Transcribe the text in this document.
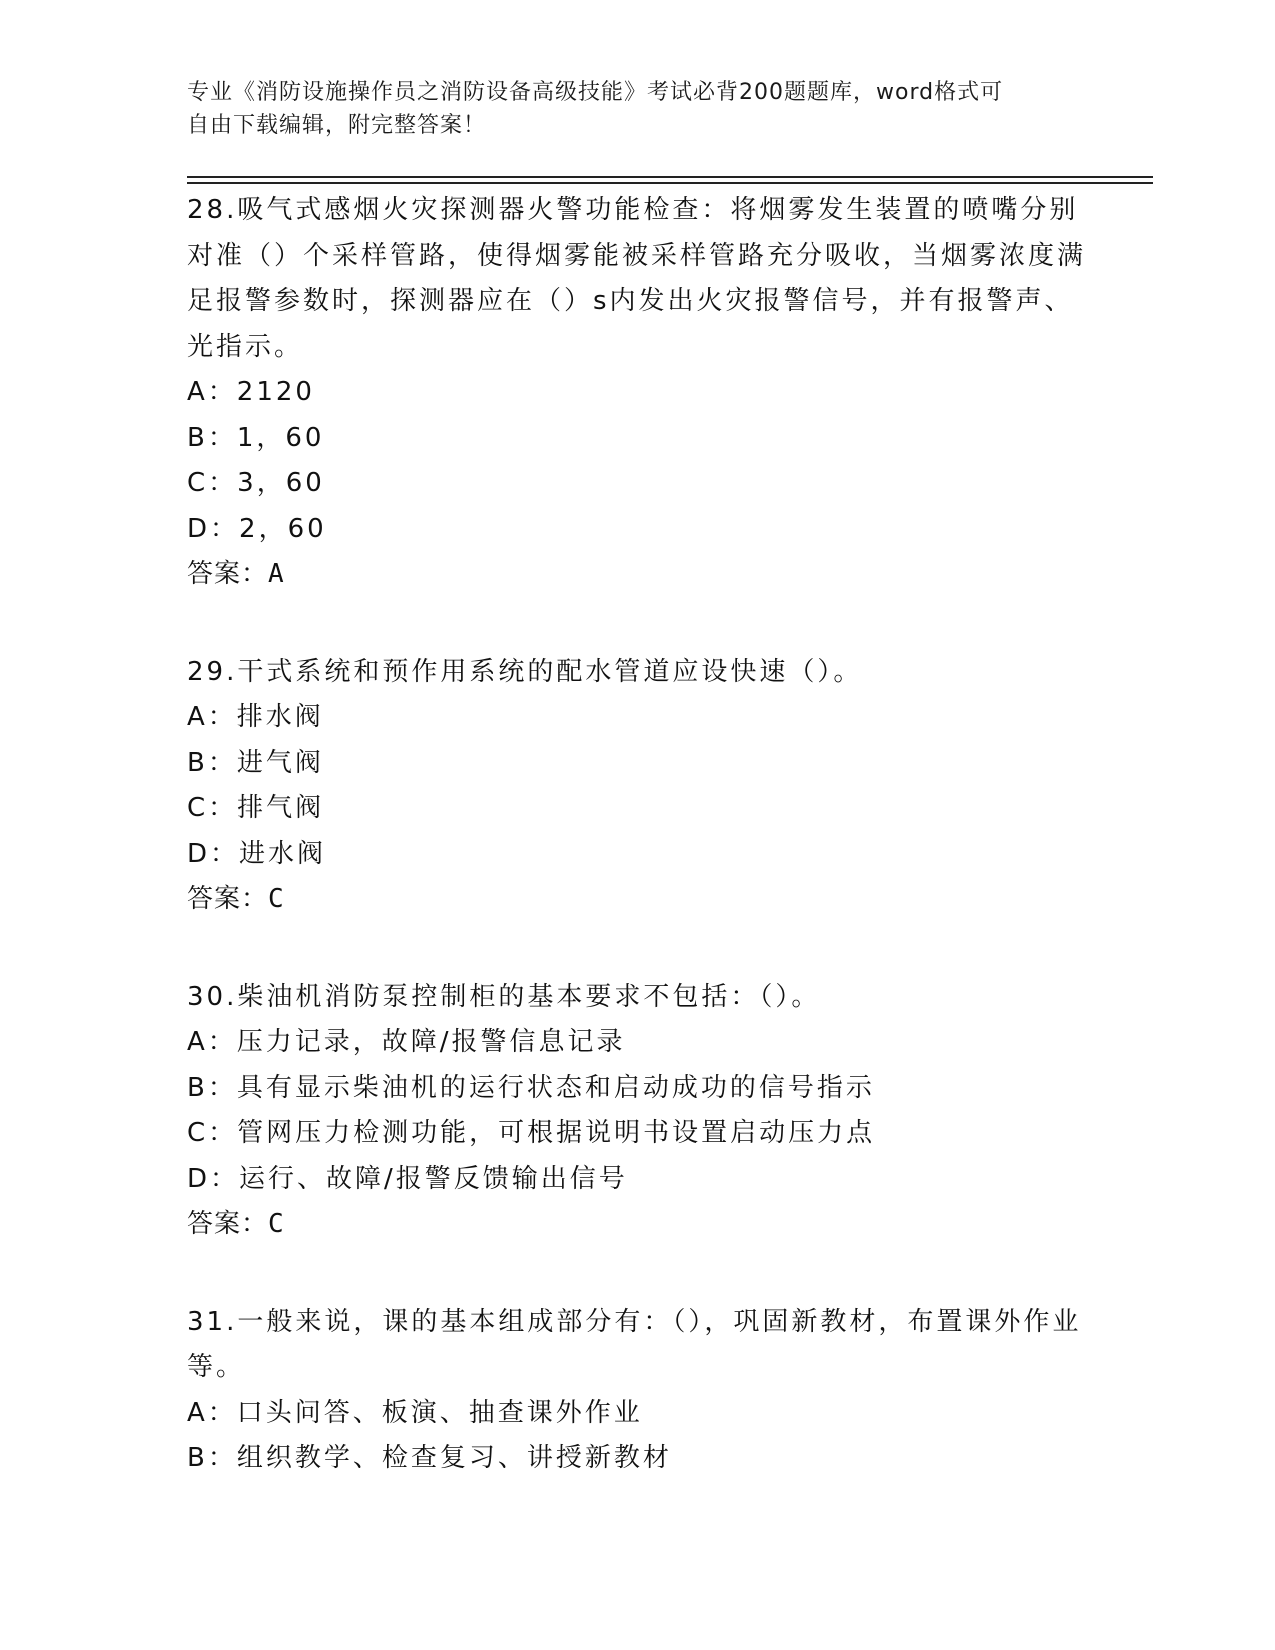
专业《消防设施操作员之消防设备高级技能》考试必背200题题库，word格式可
自由下载编辑，附完整答案！

28.吸气式感烟火灾探测器火警功能检查：将烟雾发生装置的喷嘴分别对准（）个采样管路，使得烟雾能被采样管路充分吸收，当烟雾浓度满足报警参数时，探测器应在（）s内发出火灾报警信号，并有报警声、光指示。

A：2120

B：1，60

C：3，60

D：2，60

答案：A

29.干式系统和预作用系统的配水管道应设快速（）。

A：排水阀

B：进气阀

C：排气阀

D：进水阀

答案：C

30.柴油机消防泵控制柜的基本要求不包括：（）。

A：压力记录，故障/报警信息记录

B：具有显示柴油机的运行状态和启动成功的信号指示

C：管网压力检测功能，可根据说明书设置启动压力点

D：运行、故障/报警反馈输出信号

答案：C

31.一般来说，课的基本组成部分有：（），巩固新教材，布置课外作业等。

A：口头问答、板演、抽查课外作业

B：组织教学、检查复习、讲授新教材
